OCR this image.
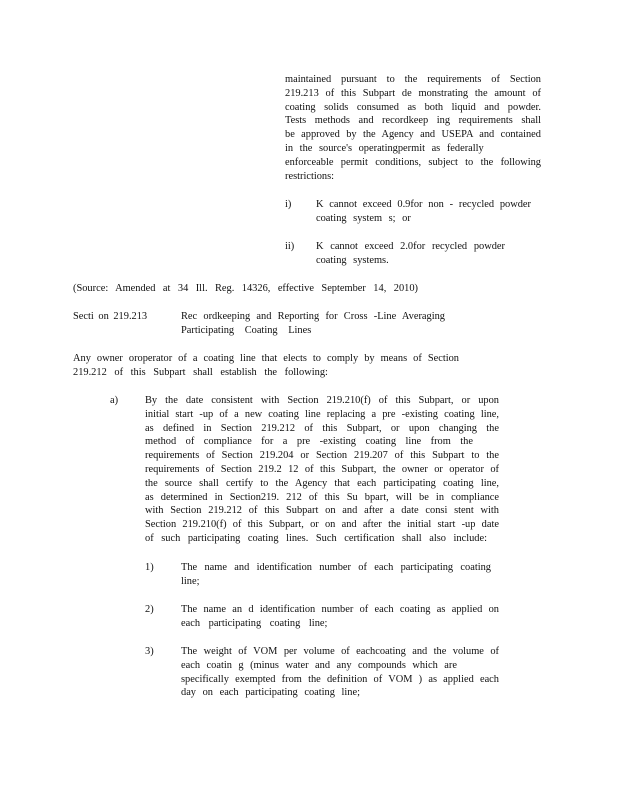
maintained pursuant to the requirements of Section
219.213 of this Subpart de monstrating the amount of
coating solids consumed as both liquid and powder.
Tests methods and recordkeep ing requirements shall
be approved by the Agency and USEPA and contained
in the source's operatingpermit as federally
enforceable permit conditions, subject to the following
restrictions:
i) K cannot exceed 0.9for non - recycled powder
coating system s; or
ii) K cannot exceed 2.0for recycled powder
coating systems.
(Source: Amended at 34 Ill. Reg. 14326, effective September 14, 2010)
Secti on 219.213	Rec ordkeeping and Reporting for Cross -Line Averaging
Participating Coating Lines
Any owner oroperator of a coating line that elects to comply by means of Section
219.212 of this Subpart shall establish the following:
a)	By the date consistent with Section 219.210(f) of this Subpart, or upon
initial start -up of a new coating line replacing a pre -existing coating line,
as defined in Section 219.212 of this Subpart, or upon changing the
method of compliance for a pre -existing coating line from the
requirements of Section 219.204 or Section 219.207 of this Subpart to the
requirements of Section 219.2 12 of this Subpart, the owner or operator of
the source shall certify to the Agency that each participating coating line,
as determined in Section219. 212 of this Su bpart, will be in compliance
with Section 219.212 of this Subpart on and after a date consi stent with
Section 219.210(f) of this Subpart, or on and after the initial start -up date
of such participating coating lines. Such certification shall also include:
1)	The name and identification number of each participating coating
line;
2)	The name an d identification number of each coating as applied on
each participating coating line;
3)	The weight of VOM per volume of eachcoating and the volume of
each coatin g (minus water and any compounds which are
specifically exempted from the definition of VOM ) as applied each
day on each participating coating line;
